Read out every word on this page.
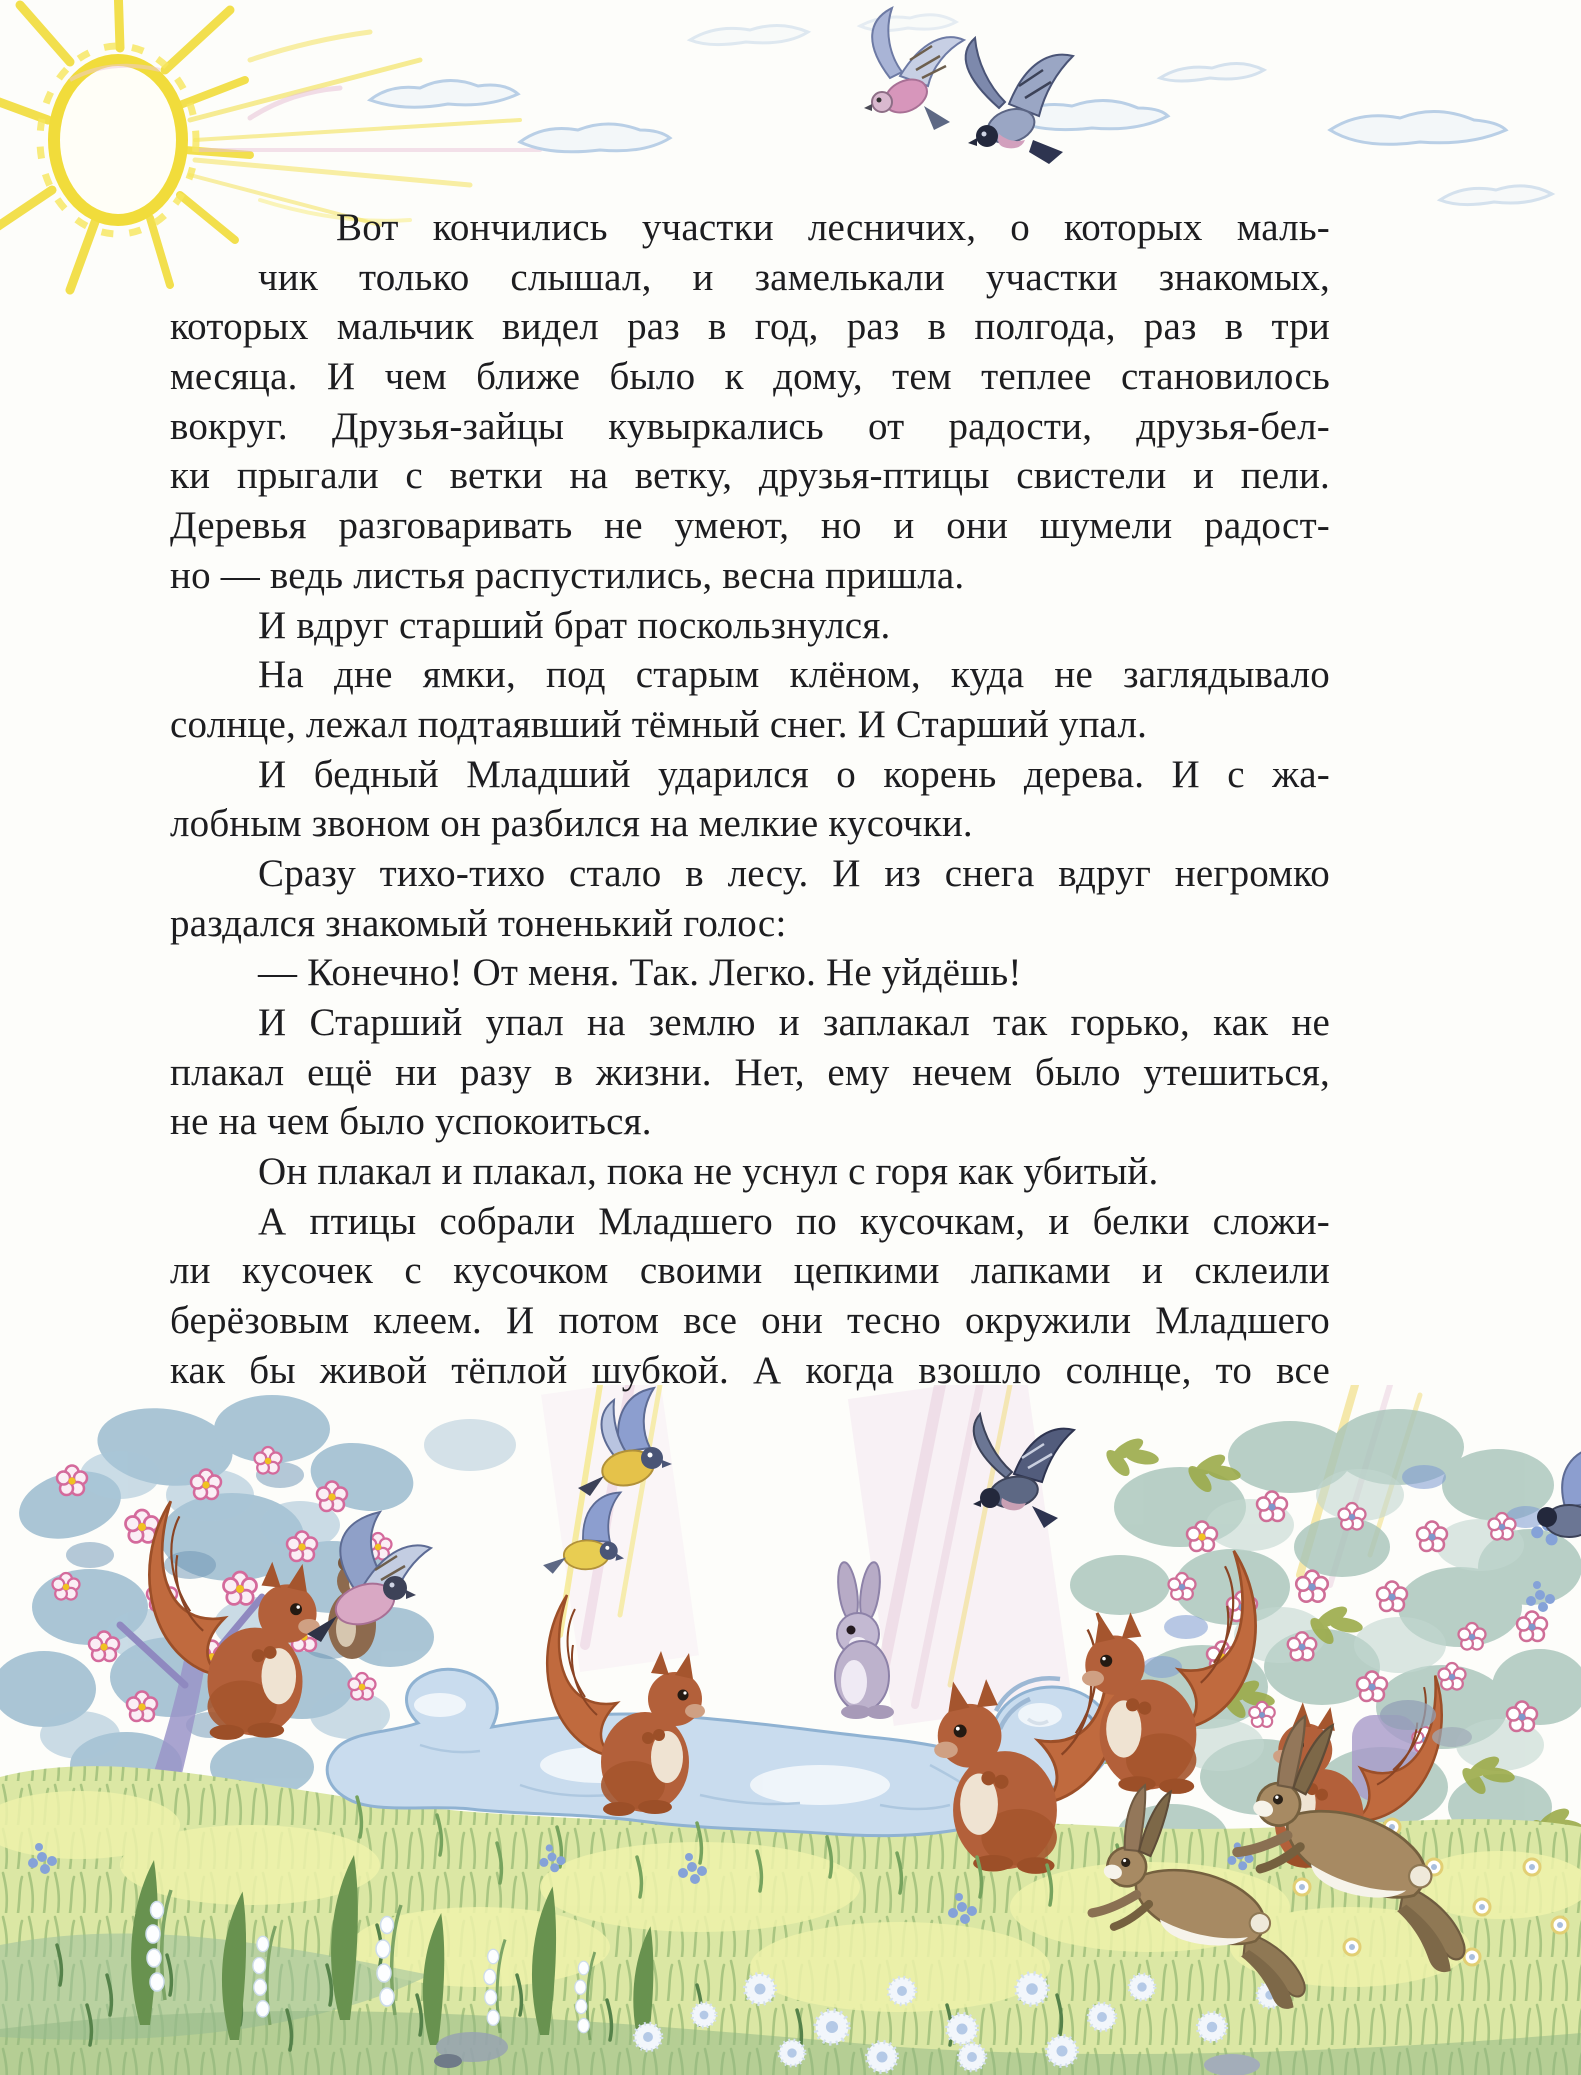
Вот кончились участки лесничих, о которых маль-
чик только слышал, и замелькали участки знакомых,
которых мальчик видел раз в год, раз в полгода, раз в три
месяца. И чем ближе было к дому, тем теплее становилось
вокруг. Друзья-зайцы кувыркались от радости, друзья-бел-
ки прыгали с ветки на ветку, друзья-птицы свистели и пели.
Деревья разговаривать не умеют, но и они шумели радост-
но — ведь листья распустились, весна пришла.
И вдруг старший брат поскользнулся.
На дне ямки, под старым клёном, куда не заглядывало
солнце, лежал подтаявший тёмный снег. И Старший упал.
И бедный Младший ударился о корень дерева. И с жа-
лобным звоном он разбился на мелкие кусочки.
Сразу тихо-тихо стало в лесу. И из снега вдруг негромко
раздался знакомый тоненький голос:
— Конечно! От меня. Так. Легко. Не уйдёшь!
И Старший упал на землю и заплакал так горько, как не
плакал ещё ни разу в жизни. Нет, ему нечем было утешиться,
не на чем было успокоиться.
Он плакал и плакал, пока не уснул с горя как убитый.
А птицы собрали Младшего по кусочкам, и белки сложи-
ли кусочек с кусочком своими цепкими лапками и склеили
берёзовым клеем. И потом все они тесно окружили Младшего
как бы живой тёплой шубкой. А когда взошло солнце, то все
